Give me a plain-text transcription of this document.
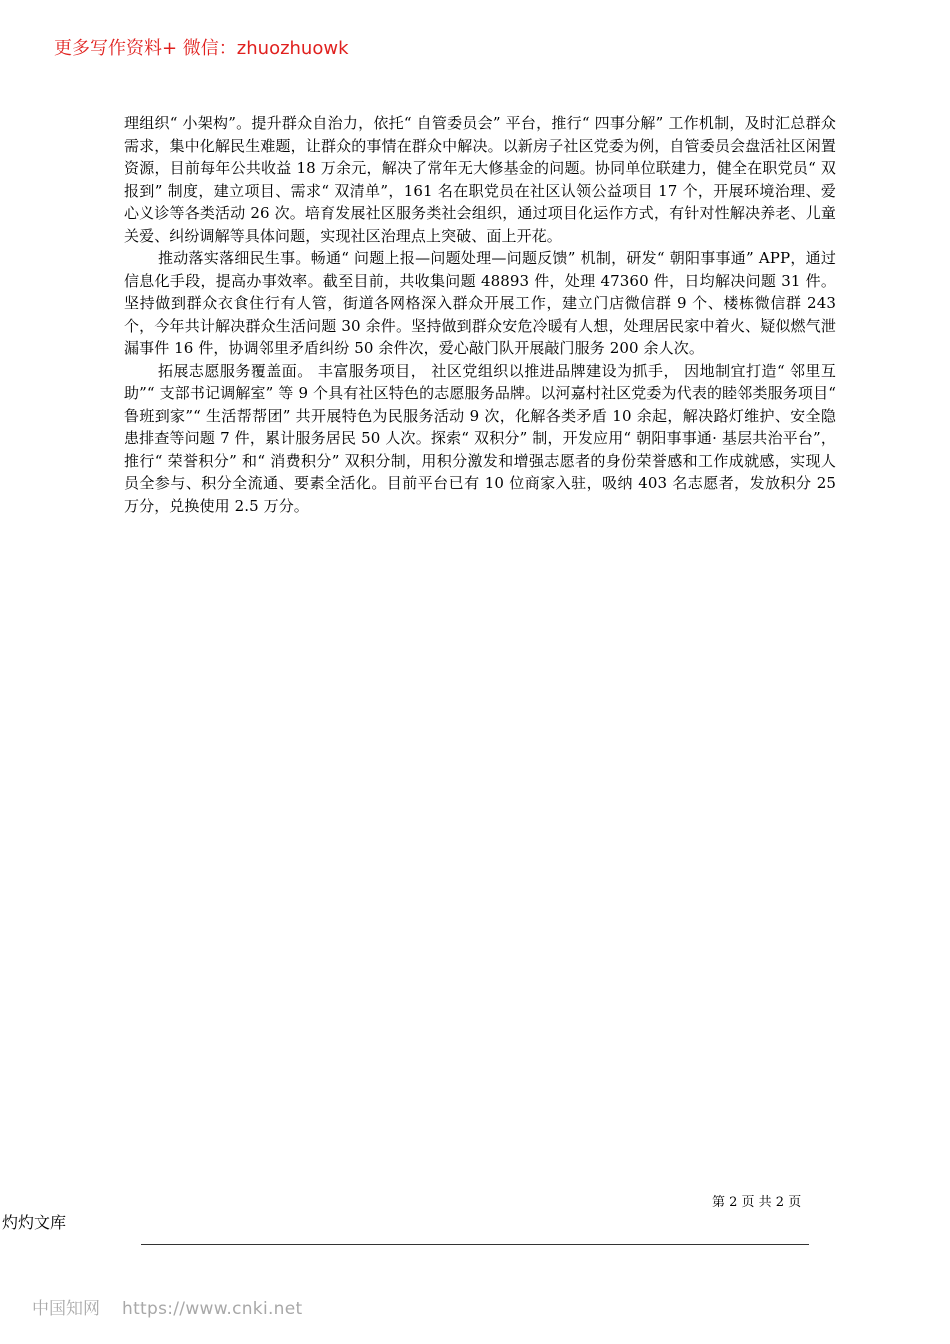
更多写作资料+ 微信：zhuozhuowk

理组织“ 小架构”。提升群众自治力，依托“ 自管委员会” 平台，推行“ 四事分解” 工作机制，及时汇总群众需求，集中化解民生难题，让群众的事情在群众中解决。以新房子社区党委为例，自管委员会盘活社区闲置资源，目前每年公共收益 18 万余元，解决了常年无大修基金的问题。协同单位联建力，健全在职党员“ 双报到” 制度，建立项目、需求“ 双清单”，161 名在职党员在社区认领公益项目 17 个，开展环境治理、爱心义诊等各类活动 26 次。培育发展社区服务类社会组织，通过项目化运作方式，有针对性解决养老、儿童关爱、纠纷调解等具体问题，实现社区治理点上突破、面上开花。

推动落实落细民生事。畅通“ 问题上报—问题处理—问题反馈” 机制，研发“ 朝阳事事通” APP，通过信息化手段，提高办事效率。截至目前，共收集问题 48893 件，处理 47360 件，日均解决问题 31 件。坚持做到群众衣食住行有人管，街道各网格深入群众开展工作，建立门店微信群 9 个、楼栋微信群 243 个，今年共计解决群众生活问题 30 余件。坚持做到群众安危冷暖有人想，处理居民家中着火、疑似燃气泄漏事件 16 件，协调邻里矛盾纠纷 50 余件次，爱心敲门队开展敲门服务 200 余人次。

拓展志愿服务覆盖面。 丰富服务项目， 社区党组织以推进品牌建设为抓手， 因地制宜打造“ 邻里互助”“ 支部书记调解室” 等 9 个具有社区特色的志愿服务品牌。以河嘉村社区党委为代表的睦邻类服务项目“ 鲁班到家”“ 生活帮帮团” 共开展特色为民服务活动 9 次，化解各类矛盾 10 余起，解决路灯维护、安全隐患排查等问题 7 件，累计服务居民 50 人次。探索“ 双积分” 制，开发应用“ 朝阳事事通· 基层共治平台”，推行“ 荣誉积分” 和“ 消费积分” 双积分制，用积分激发和增强志愿者的身份荣誉感和工作成就感，实现人员全参与、积分全流通、要素全活化。目前平台已有 10 位商家入驻，吸纳 403 名志愿者，发放积分 25 万分，兑换使用 2.5 万分。

第 2 页 共 2 页
灼灼文库
中国知网 https://www.cnki.net
